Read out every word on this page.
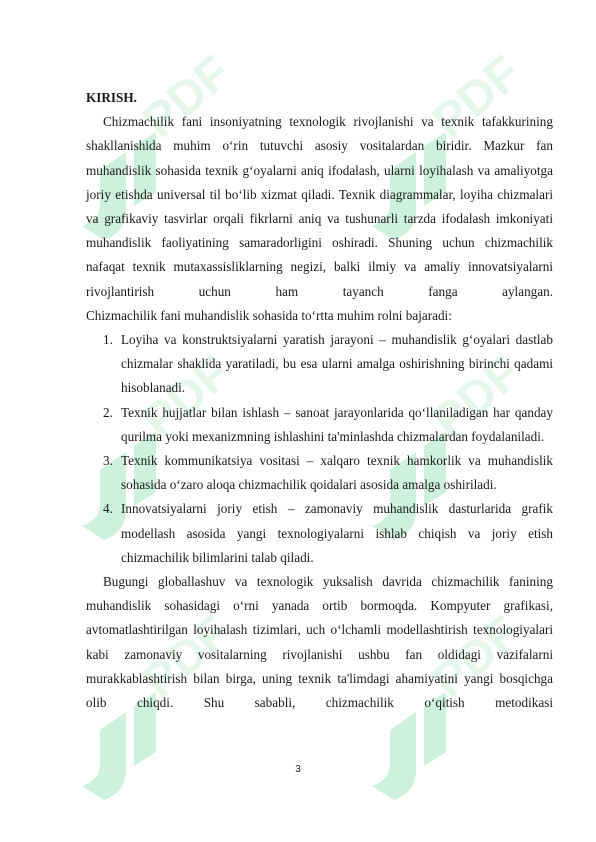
KIRISH.

Chizmachilik fani insoniyatning texnologik rivojlanishi va texnik tafakkurining shakllanishida muhim o‘rin tutuvchi asosiy vositalardan biridir. Mazkur fan muhandislik sohasida texnik g‘oyalarni aniq ifodalash, ularni loyihalash va amaliyotga joriy etishda universal til bo‘lib xizmat qiladi. Texnik diagrammalar, loyiha chizmalari va grafikaviy tasvirlar orqali fikrlarni aniq va tushunarli tarzda ifodalash imkoniyati muhandislik faoliyatining samaradorligini oshiradi. Shuning uchun chizmachilik nafaqat texnik mutaxassisliklarning negizi, balki ilmiy va amaliy innovatsiyalarni rivojlantirish uchun ham tayanch fanga aylangan.

Chizmachilik fani muhandislik sohasida to‘rtta muhim rolni bajaradi:

1. Loyiha va konstruktsiyalarni yaratish jarayoni – muhandislik g‘oyalari dastlab chizmalar shaklida yaratiladi, bu esa ularni amalga oshirishning birinchi qadami hisoblanadi.
2. Texnik hujjatlar bilan ishlash – sanoat jarayonlarida qo‘llaniladigan har qanday qurilma yoki mexanizmning ishlashini ta'minlashda chizmalardan foydalaniladi.
3. Texnik kommunikatsiya vositasi – xalqaro texnik hamkorlik va muhandislik sohasida o‘zaro aloqa chizmachilik qoidalari asosida amalga oshiriladi.
4. Innovatsiyalarni joriy etish – zamonaviy muhandislik dasturlarida grafik modellash asosida yangi texnologiyalarni ishlab chiqish va joriy etish chizmachilik bilimlarini talab qiladi.

Bugungi globallashuv va texnologik yuksalish davrida chizmachilik fanining muhandislik sohasidagi o‘rni yanada ortib bormoqda. Kompyuter grafikasi, avtomatlashtirilgan loyihalash tizimlari, uch o‘lchamli modellashtirish texnologiyalari kabi zamonaviy vositalarning rivojlanishi ushbu fan oldidagi vazifalarni murakkablashtirish bilan birga, uning texnik ta'limdagi ahamiyatini yangi bosqichga olib chiqdi. Shu sababli, chizmachilik o‘qitish metodikasi

3
